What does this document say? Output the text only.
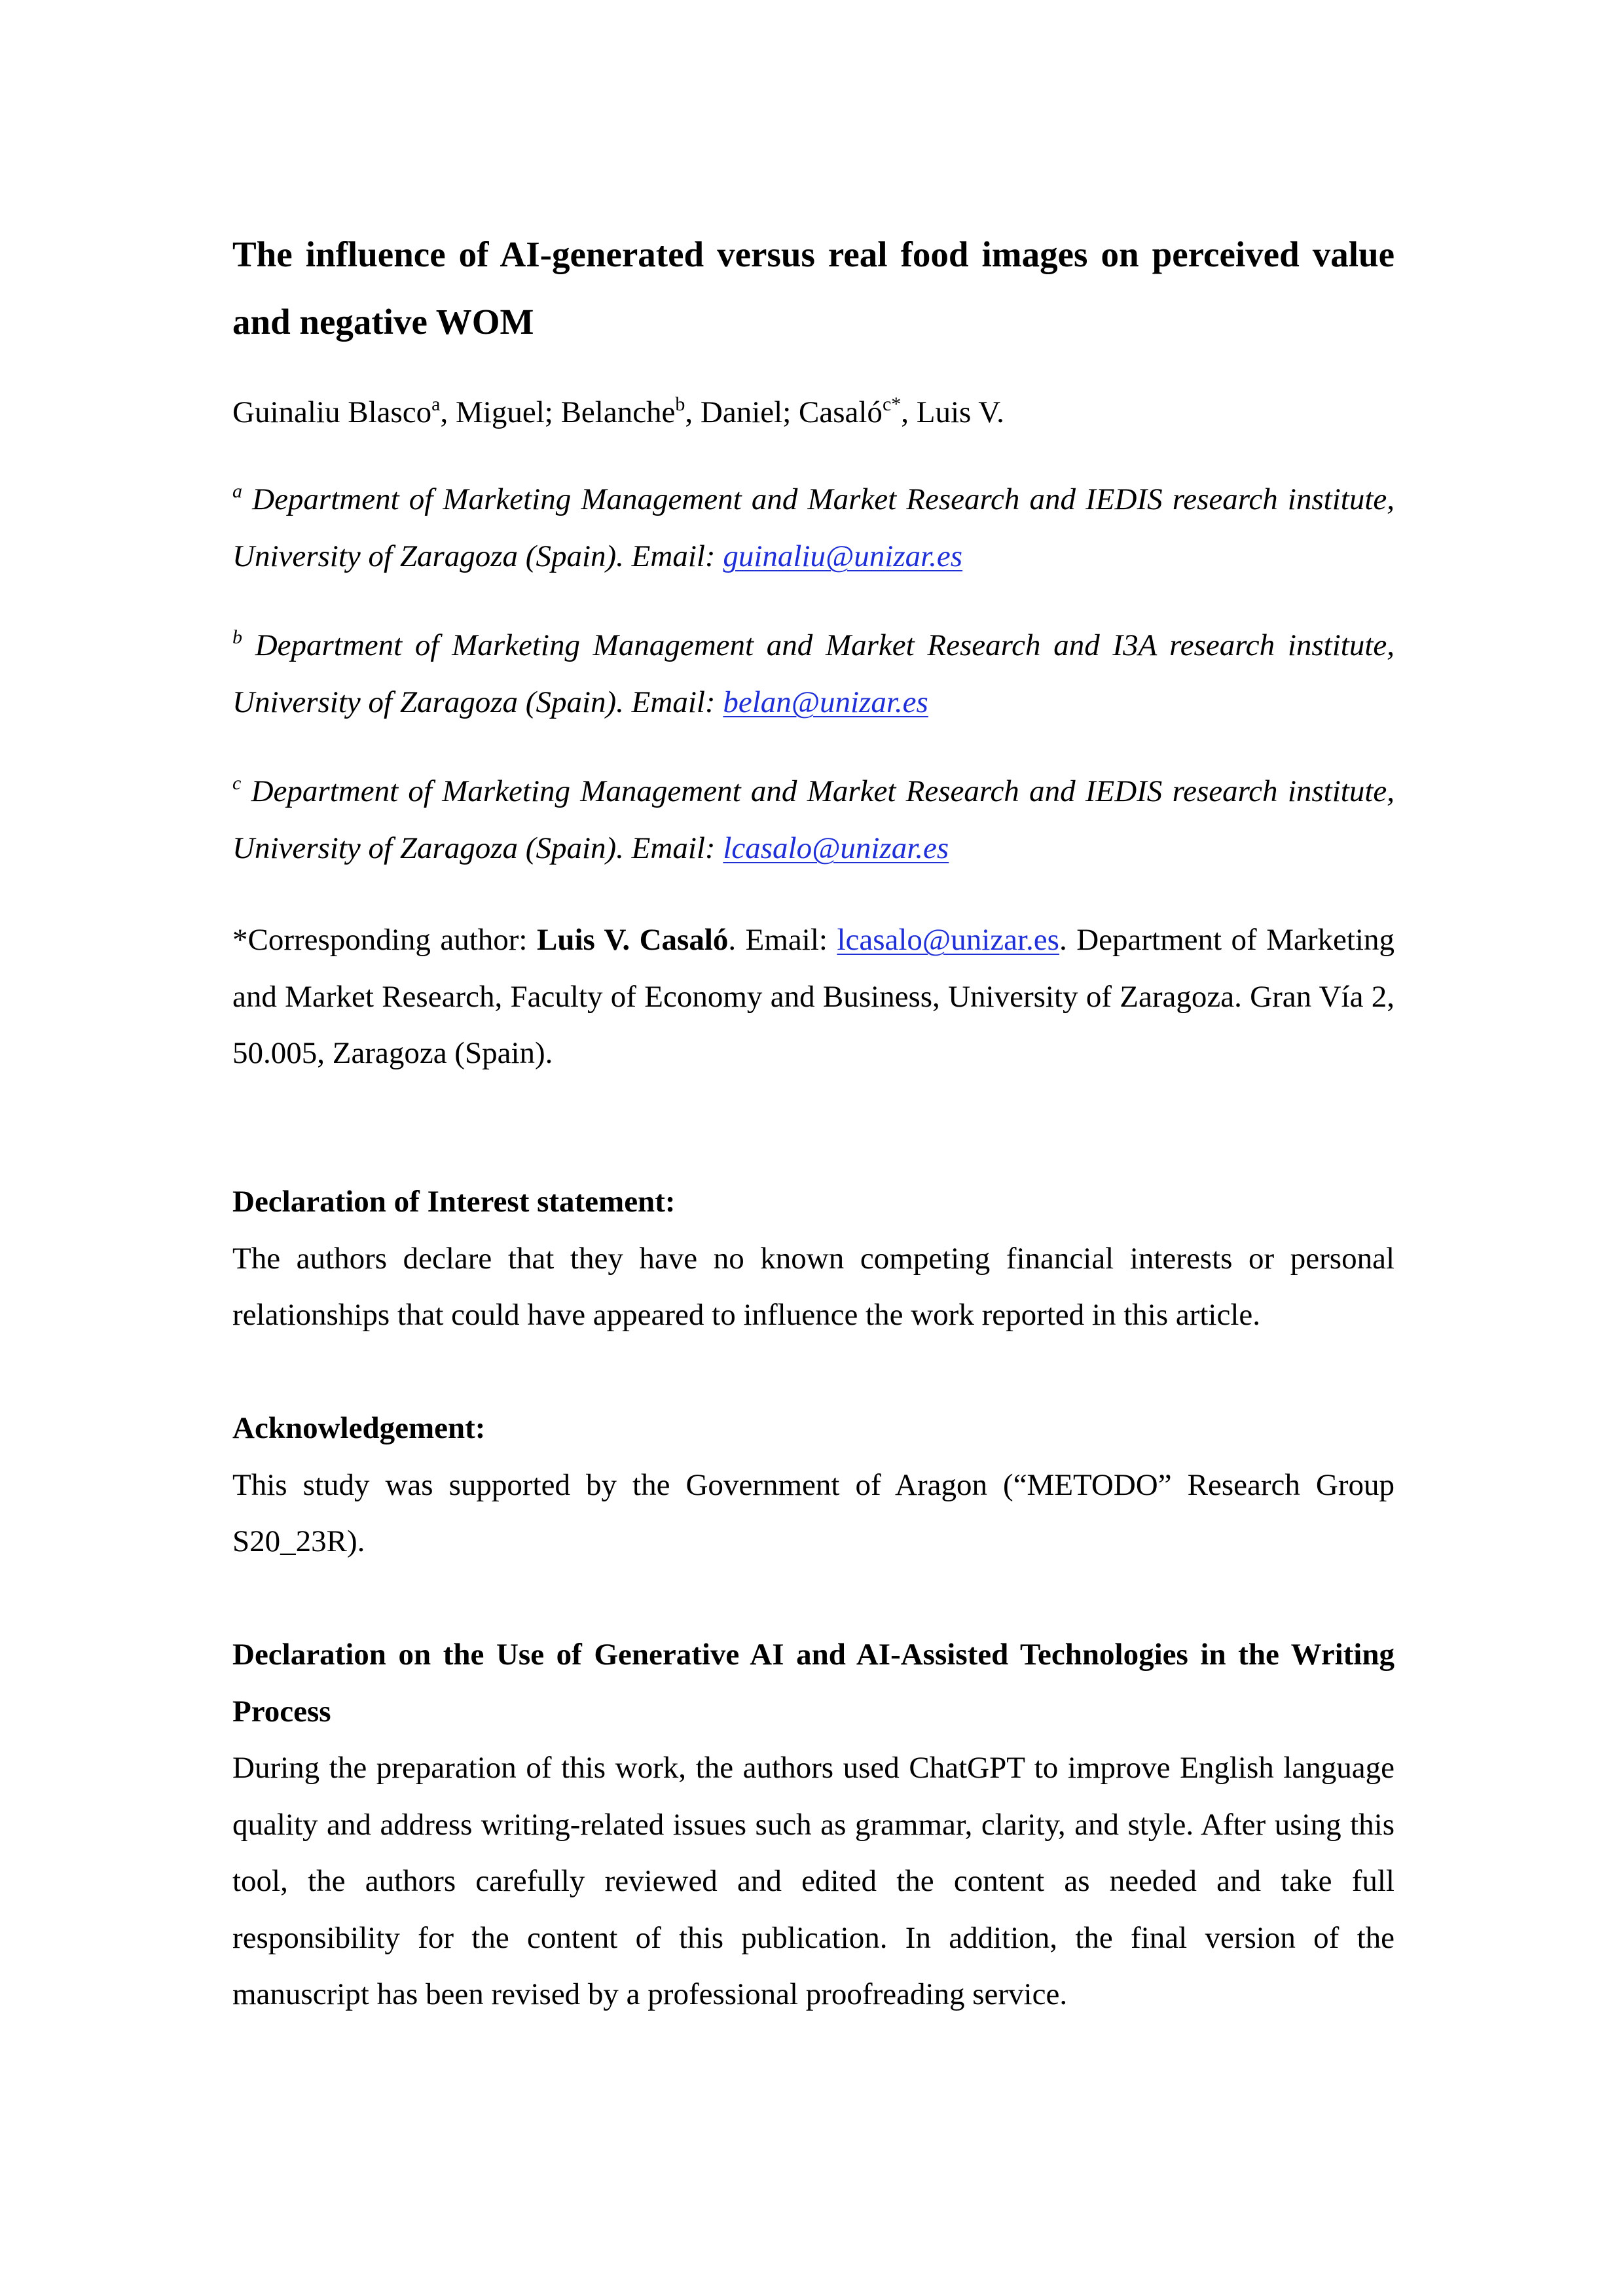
The influence of AI-generated versus real food images on perceived value and negative WOM

Guinaliu Blasco$^a$, Miguel; Belanche$^b$, Daniel; Casaló$^{c*}$, Luis V.

$^a$ Department of Marketing Management and Market Research and IEDIS research institute, University of Zaragoza (Spain). Email: guinaliu@unizar.es

$^b$ Department of Marketing Management and Market Research and I3A research institute, University of Zaragoza (Spain). Email: belan@unizar.es

$^c$ Department of Marketing Management and Market Research and IEDIS research institute, University of Zaragoza (Spain). Email: lcasalo@unizar.es

*Corresponding author: Luis V. Casaló. Email: lcasalo@unizar.es. Department of Marketing and Market Research, Faculty of Economy and Business, University of Zaragoza. Gran Vía 2, 50.005, Zaragoza (Spain).

Declaration of Interest statement:

The authors declare that they have no known competing financial interests or personal relationships that could have appeared to influence the work reported in this article.

Acknowledgement:

This study was supported by the Government of Aragon (“METODO” Research Group S20_23R).

Declaration on the Use of Generative AI and AI-Assisted Technologies in the Writing Process

During the preparation of this work, the authors used ChatGPT to improve English language quality and address writing-related issues such as grammar, clarity, and style. After using this tool, the authors carefully reviewed and edited the content as needed and take full responsibility for the content of this publication. In addition, the final version of the manuscript has been revised by a professional proofreading service.
